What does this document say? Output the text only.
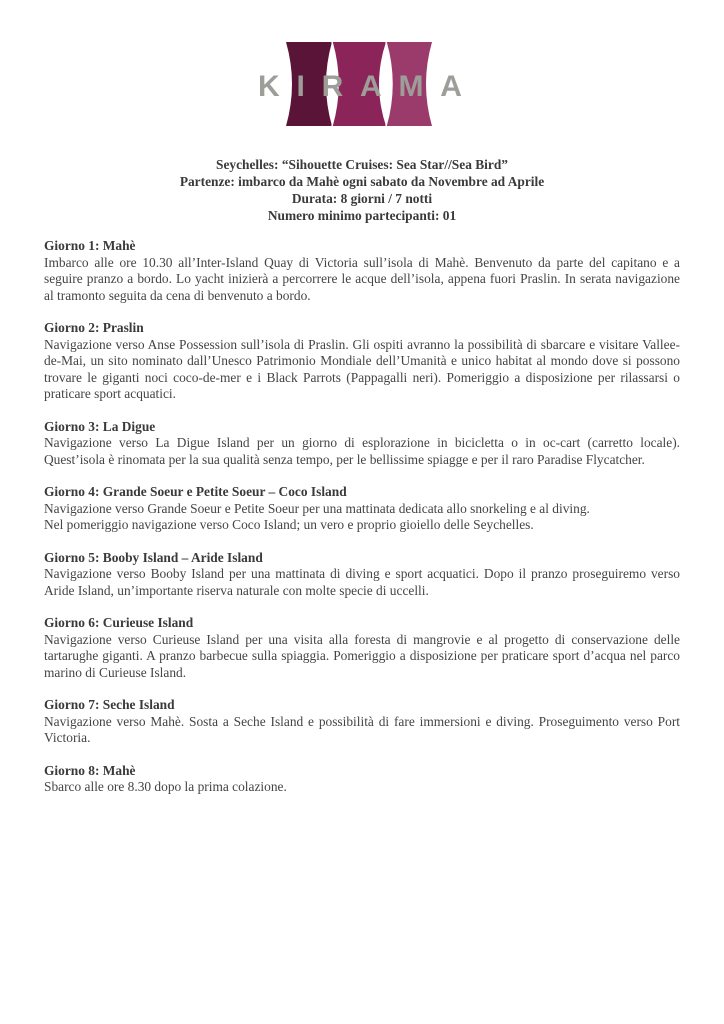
K I R A M A
Seychelles: “Sihouette Cruises: Sea Star//Sea Bird”
Partenze: imbarco da Mahè ogni sabato da Novembre ad Aprile
Durata: 8 giorni / 7 notti
Numero minimo partecipanti: 01
Giorno 1: Mahè
Imbarco alle ore 10.30 all’Inter-Island Quay di Victoria sull’isola di Mahè. Benvenuto da parte del capitano e a seguire pranzo a bordo. Lo yacht inizierà a percorrere le acque dell’isola, appena fuori Praslin. In serata navigazione al tramonto seguita da cena di benvenuto a bordo.
Giorno 2: Praslin
Navigazione verso Anse Possession sull’isola di Praslin. Gli ospiti avranno la possibilità di sbarcare e visitare Vallee-de-Mai, un sito nominato dall’Unesco Patrimonio Mondiale dell’Umanità e unico habitat al mondo dove si possono trovare le giganti noci coco-de-mer e i Black Parrots (Pappagalli neri). Pomeriggio a disposizione per rilassarsi o praticare sport acquatici.
Giorno 3: La Digue
Navigazione verso La Digue Island per un giorno di esplorazione in bicicletta o in oc-cart (carretto locale). Quest’isola è rinomata per la sua qualità senza tempo, per le bellissime spiagge e per il raro Paradise Flycatcher.
Giorno 4: Grande Soeur e Petite Soeur – Coco Island
Navigazione verso Grande Soeur e Petite Soeur per una mattinata dedicata allo snorkeling e al diving.
Nel pomeriggio navigazione verso Coco Island; un vero e proprio gioiello delle Seychelles.
Giorno 5: Booby Island – Aride Island
Navigazione verso Booby Island per una mattinata di diving e sport acquatici. Dopo il pranzo proseguiremo verso Aride Island, un’importante riserva naturale con molte specie di uccelli.
Giorno 6: Curieuse Island
Navigazione verso Curieuse Island per una visita alla foresta di mangrovie e al progetto di conservazione delle tartarughe giganti. A pranzo barbecue sulla spiaggia. Pomeriggio a disposizione per praticare sport d’acqua nel parco marino di Curieuse Island.
Giorno 7: Seche Island
Navigazione verso Mahè. Sosta a Seche Island e possibilità di fare immersioni e diving. Proseguimento verso Port Victoria.
Giorno 8: Mahè
Sbarco alle ore 8.30 dopo la prima colazione.
